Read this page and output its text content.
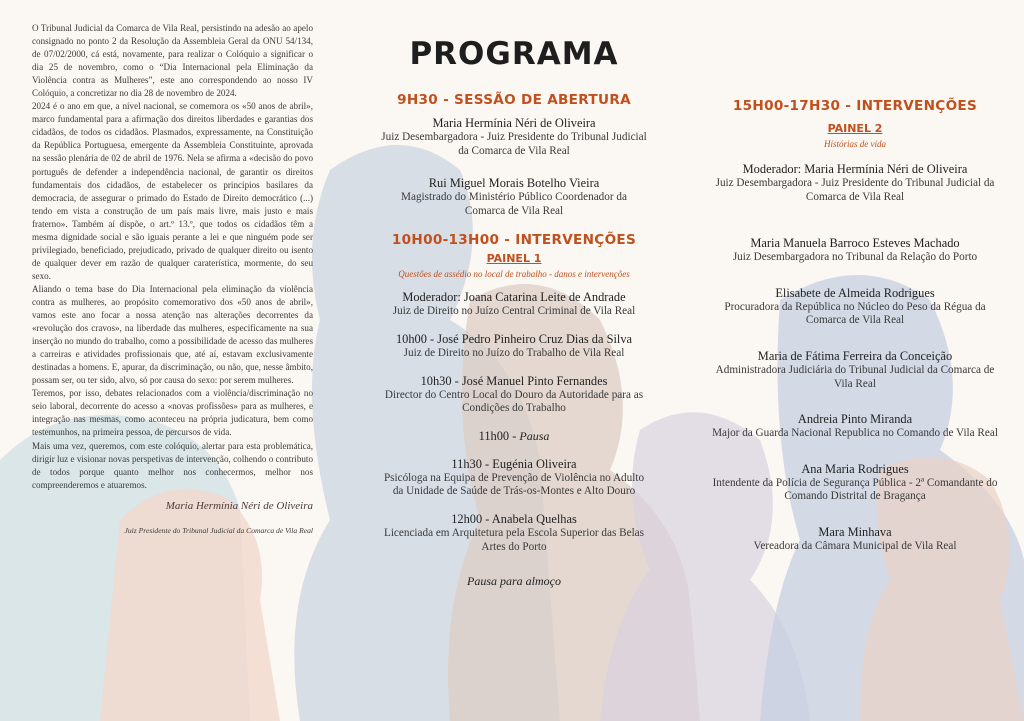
O Tribunal Judicial da Comarca de Vila Real, persistindo na adesão ao apelo consignado no ponto 2 da Resolução da Assembleia Geral da ONU 54/134, de 07/02/2000, cá está, novamente, para realizar o Colóquio a significar o dia 25 de novembro, como o “Dia Internacional pela Eliminação da Violência contra as Mulheres”, este ano correspondendo ao nosso IV Colóquio, a concretizar no dia 28 de novembro de 2024.

2024 é o ano em que, a nível nacional, se comemora os «50 anos de abril», marco fundamental para a afirmação dos direitos liberdades e garantias dos cidadãos, de todos os cidadãos. Plasmados, expressamente, na Constituição da República Portuguesa, emergente da Assembleia Constituinte, aprovada na sessão plenária de 02 de abril de 1976. Nela se afirma a «decisão do povo português de defender a independência nacional, de garantir os direitos fundamentais dos cidadãos, de estabelecer os princípios basilares da democracia, de assegurar o primado do Estado de Direito democrático (...) tendo em vista a construção de um país mais livre, mais justo e mais fraterno». Também aí dispõe, o art.º 13.º, que todos os cidadãos têm a mesma dignidade social e são iguais perante a lei e que ninguém pode ser privilegiado, beneficiado, prejudicado, privado de qualquer direito ou isento de qualquer dever em razão de qualquer caraterística, mormente, do seu sexo.

Aliando o tema base do Dia Internacional pela eliminação da violência contra as mulheres, ao propósito comemorativo dos «50 anos de abril», vamos este ano focar a nossa atenção nas alterações decorrentes da «revolução dos cravos», na liberdade das mulheres, especificamente na sua inserção no mundo do trabalho, como a possibilidade de acesso das mulheres a carreiras e atividades profissionais que, até aí, estavam exclusivamente destinadas a homens. E, apurar, da discriminação, ou não, que, nesse âmbito, possam ser, ou ter sido, alvo, só por causa do sexo: por serem mulheres.

Teremos, por isso, debates relacionados com a violência/discriminação no seio laboral, decorrente do acesso a «novas profissões» para as mulheres, e integração nas mesmas, como aconteceu na própria judicatura, bem como testemunhos, na primeira pessoa, de percursos de vida.

Mais uma vez, queremos, com este colóquio, alertar para esta problemática, dirigir luz e visionar novas perspetivas de intervenção, colhendo o contributo de todos porque quanto melhor nos conhecermos, melhor nos compreenderemos e atuaremos.

Maria Hermínia Néri de Oliveira
Juiz Presidente do Tribunal Judicial da Comarca de Vila Real
PROGRAMA
9H30 - SESSÃO DE ABERTURA
Maria Hermínia Néri de Oliveira
Juiz Desembargadora - Juiz Presidente do Tribunal Judicial da Comarca de Vila Real
Rui Miguel Morais Botelho Vieira
Magistrado do Ministério Público Coordenador da Comarca de Vila Real
10H00-13H00 - INTERVENÇÕES
PAINEL 1
Questões de assédio no local de trabalho - danos e intervenções
Moderador: Joana Catarina Leite de Andrade
Juiz de Direito no Juízo Central Criminal de Vila Real
10h00 - José Pedro Pinheiro Cruz Dias da Silva
Juiz de Direito no Juízo do Trabalho de Vila Real
10h30 - José Manuel Pinto Fernandes
Director do Centro Local do Douro da Autoridade para as Condições do Trabalho
11h00 - Pausa
11h30 - Eugénia Oliveira
Psicóloga na Equipa de Prevenção de Violência no Adulto da Unidade de Saúde de Trás-os-Montes e Alto Douro
12h00 - Anabela Quelhas
Licenciada em Arquitetura pela Escola Superior das Belas Artes do Porto
Pausa para almoço
15H00-17H30 - INTERVENÇÕES
PAINEL 2
Histórias de vida
Moderador: Maria Hermínia Néri de Oliveira
Juiz Desembargadora - Juiz Presidente do Tribunal Judicial da Comarca de Vila Real
Maria Manuela Barroco Esteves Machado
Juiz Desembargadora no Tribunal da Relação do Porto
Elisabete de Almeida Rodrigues
Procuradora da República no Núcleo do Peso da Régua da Comarca de Vila Real
Maria de Fátima Ferreira da Conceição
Administradora Judiciária do Tribunal Judicial da Comarca de Vila Real
Andreia Pinto Miranda
Major da Guarda Nacional Republica no Comando de Vila Real
Ana Maria Rodrigues
Intendente da Polícia de Segurança Pública - 2ª Comandante do Comando Distrital de Bragança
Mara Minhava
Vereadora da Câmara Municipal de Vila Real
